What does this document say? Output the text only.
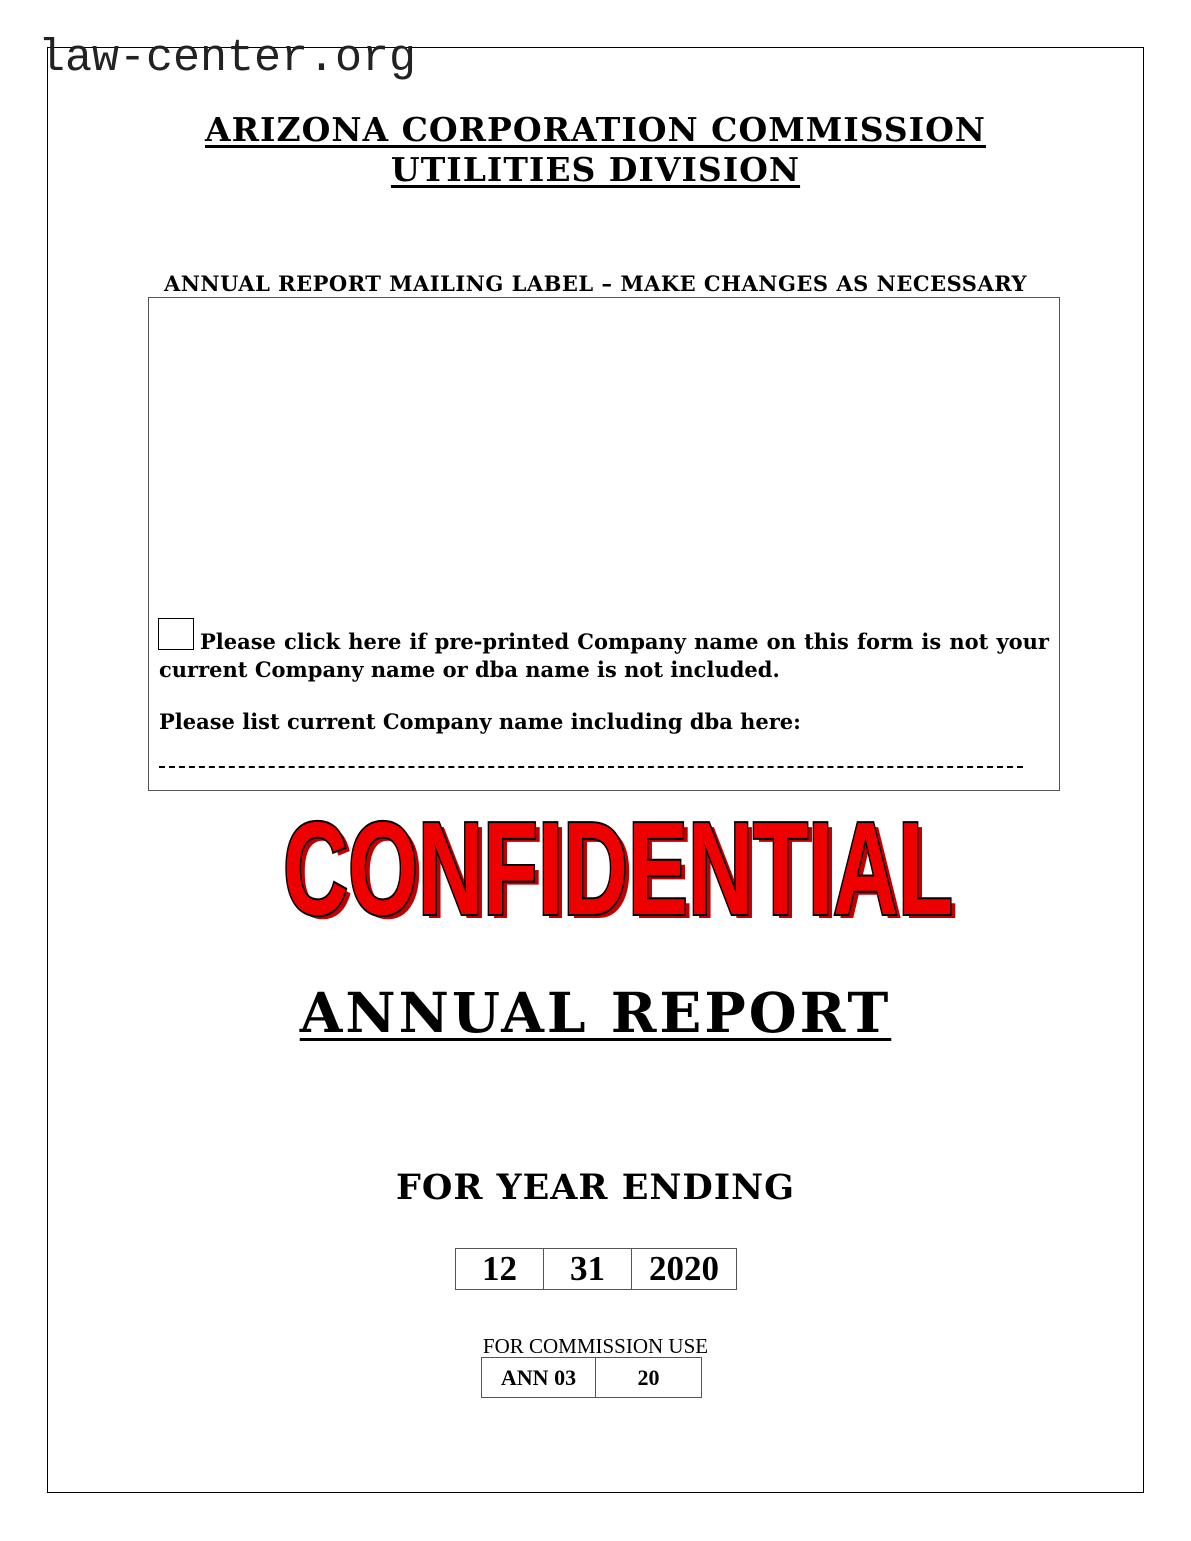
law-center.org
ARIZONA CORPORATION COMMISSION
UTILITIES DIVISION
ANNUAL REPORT MAILING LABEL – MAKE CHANGES AS NECESSARY
Please click here if pre-printed Company name on this form is not your current Company name or dba name is not included.
Please list current Company name including dba here:
CONFIDENTIAL
CONFIDENTIAL
ANNUAL REPORT
FOR YEAR ENDING
12	31	2020
FOR COMMISSION USE
ANN 03	20
